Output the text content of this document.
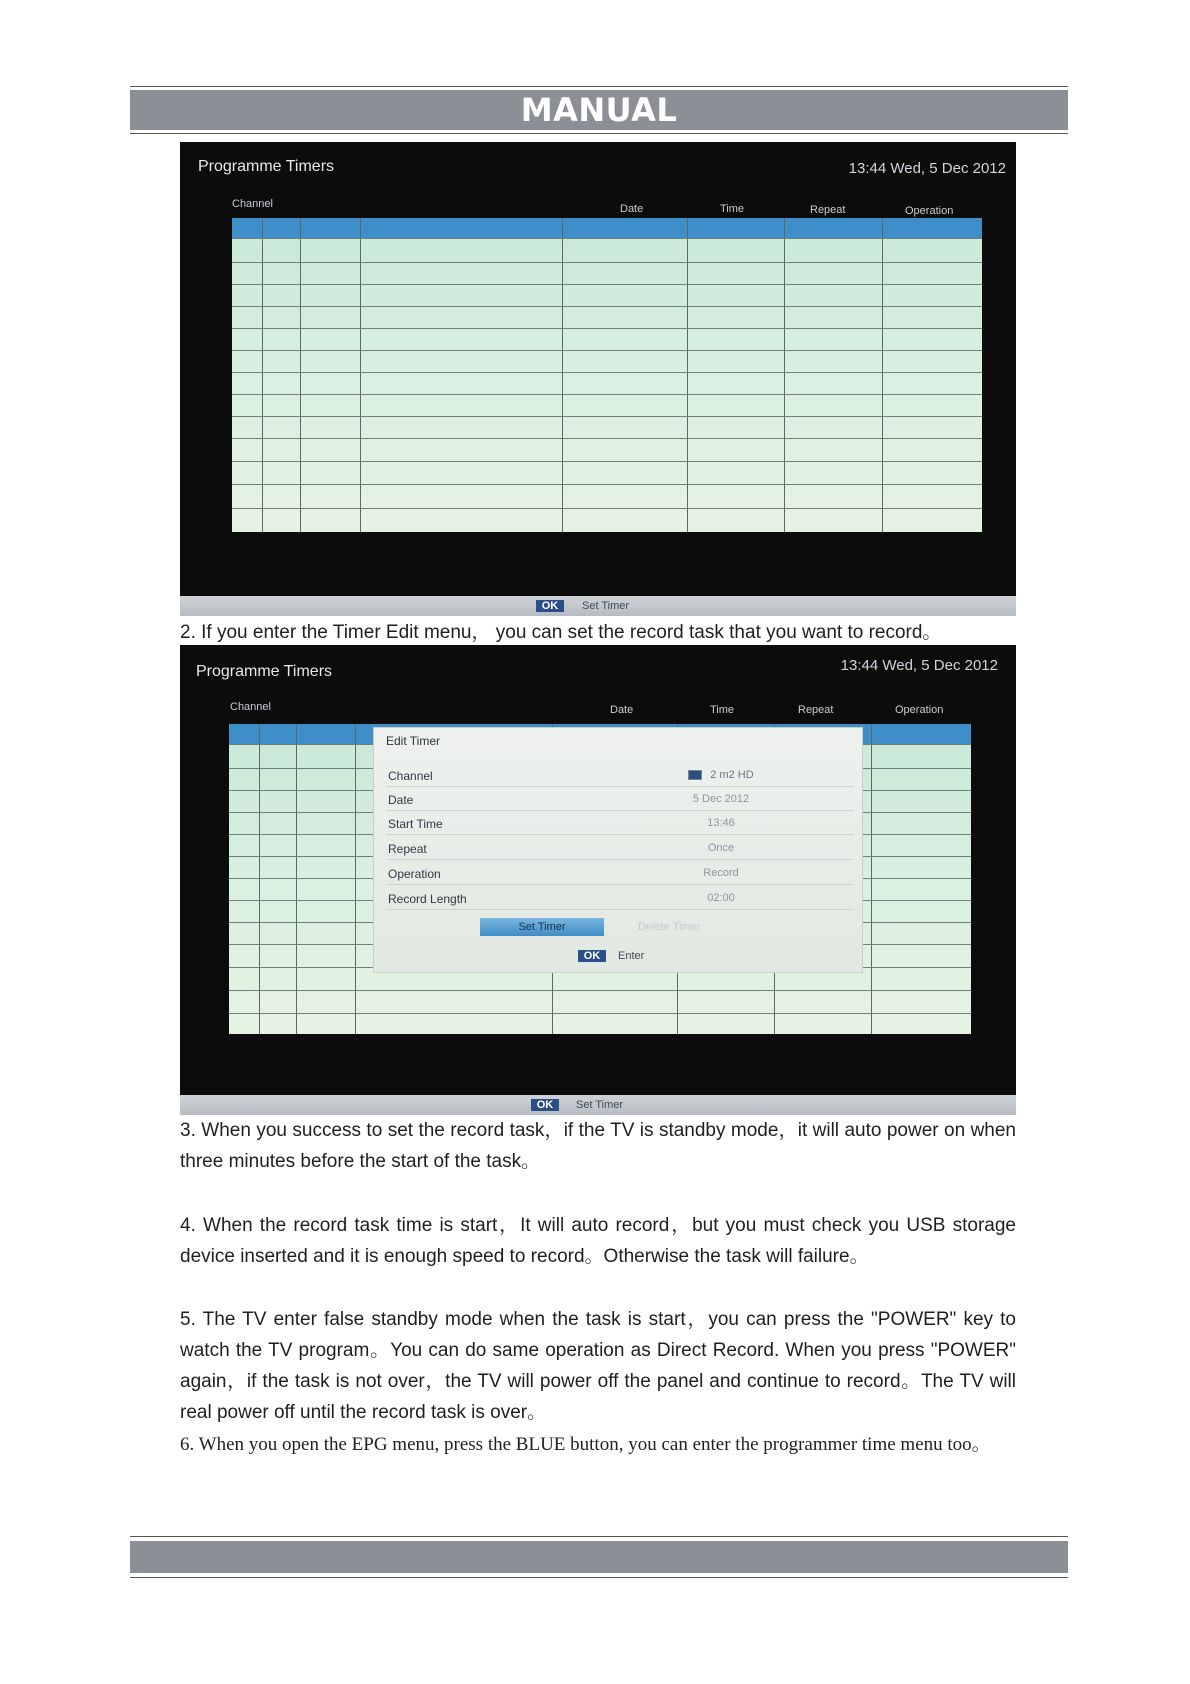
MANUAL
Programme Timers	13:44 Wed, 5 Dec 2012
Channel	Date	Time	Repeat	Operation
OK	Set Timer
2. If you enter the Timer Edit menu， you can set the record task that you want to record。
Programme Timers	13:44 Wed, 5 Dec 2012
Channel	Date	Time	Repeat	Operation
Edit Timer
Channel	2 m2 HD
Date	5 Dec 2012
Start Time	13:46
Repeat	Once
Operation	Record
Record Length	02:00
Set Timer	Delete Timer
OK	Enter
OK	Set Timer
3. When you success to set the record task，if the TV is standby mode，it will auto power on when three minutes before the start of the task。
4. When the record task time is start，It will auto record，but you must check you USB storage device inserted and it is enough speed to record。Otherwise the task will failure。
5. The TV enter false standby mode when the task is start，you can press the "POWER" key to watch the TV program。You can do same operation as Direct Record. When you press "POWER" again，if the task is not over，the TV will power off the panel and continue to record。The TV will real power off until the record task is over。
6. When you open the EPG menu, press the BLUE button, you can enter the programmer time menu too。
